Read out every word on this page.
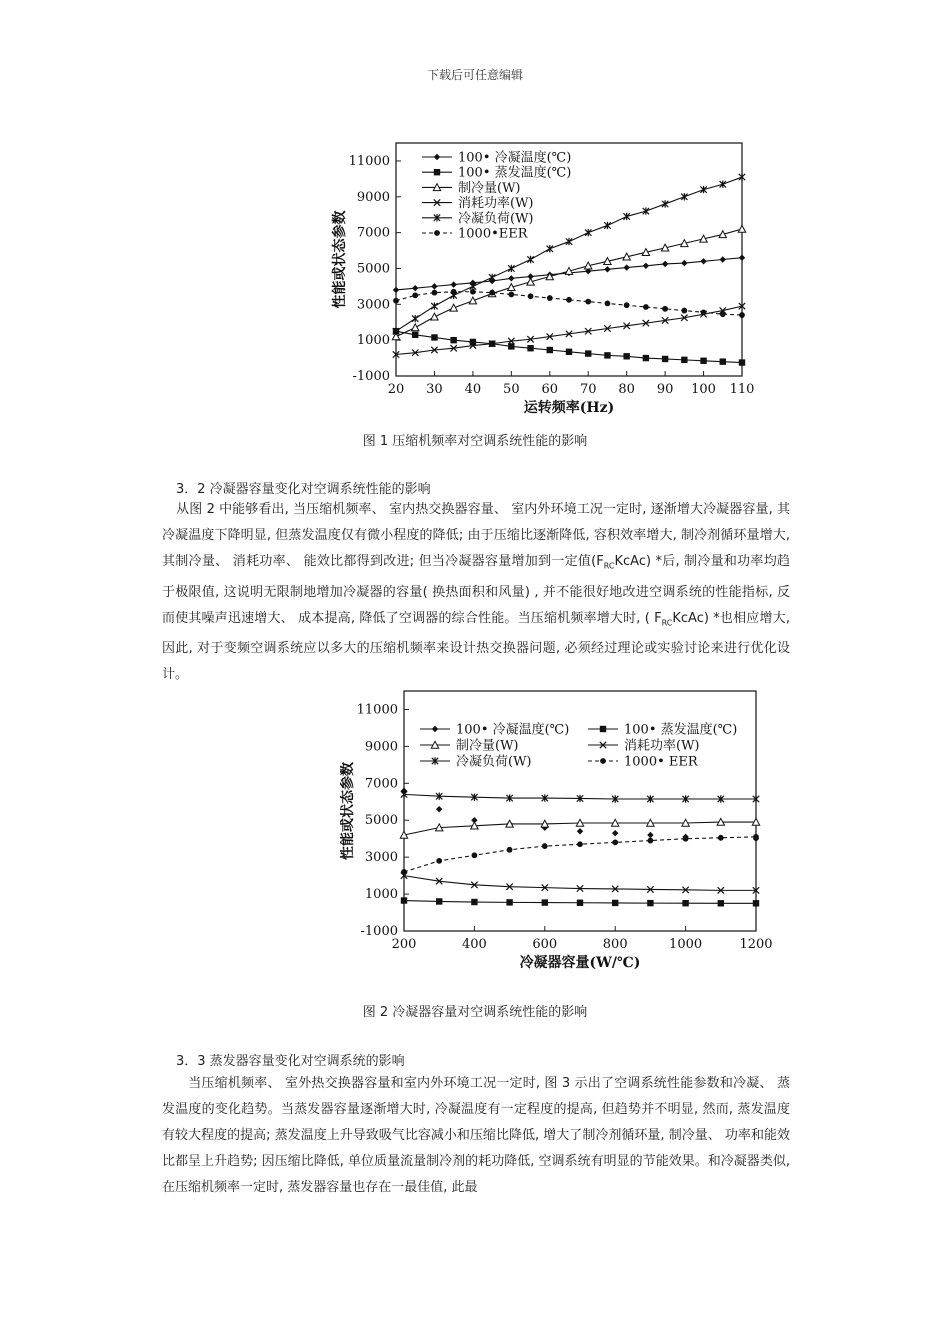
下载后可任意编辑
-1000
1000
3000
5000
7000
9000
11000
20 30 40 50 60 70 80 90 100 110
运转频率(Hz)
性能或状态参数
100• 冷凝温度(℃)
100• 蒸发温度(℃)
制冷量(W)
消耗功率(W)
冷凝负荷(W)
1000•EER
图 1 压缩机频率对空调系统性能的影响
3．2 冷凝器容量变化对空调系统性能的影响

从图 2 中能够看出, 当压缩机频率、 室内热交换器容量、 室内外环境工况一定时, 逐渐增大冷凝器容量, 其冷凝温度下降明显, 但蒸发温度仅有微小程度的降低; 由于压缩比逐渐降低, 容积效率增大, 制冷剂循环量增大, 其制冷量、 消耗功率、 能效比都得到改进; 但当冷凝器容量增加到一定值$(F_{RC}KcAc)$ *后, 制冷量和功率均趋于极限值, 这说明无限制地增加冷凝器的容量( 换热面积和风量) , 并不能很好地改进空调系统的性能指标, 反而使其噪声迅速增大、 成本提高, 降低了空调器的综合性能。当压缩机频率增大时, ( $F_{RC}KcAc$) *也相应增大, 因此, 对于变频空调系统应以多大的压缩机频率来设计热交换器问题, 必须经过理论或实验讨论来进行优化设计。

-1000
1000
3000
5000
7000
9000
11000
200	400	600	800	1000	1200
冷凝器容量(W/℃)
性能或状态参数
100• 冷凝温度(℃)	100• 蒸发温度(℃)
制冷量(W)	消耗功率(W)
冷凝负荷(W)	1000• EER
图 2 冷凝器容量对空调系统性能的影响
3．3 蒸发器容量变化对空调系统的影响

当压缩机频率、 室外热交换器容量和室内外环境工况一定时, 图 3 示出了空调系统性能参数和冷凝、 蒸发温度的变化趋势。当蒸发器容量逐渐增大时, 冷凝温度有一定程度的提高, 但趋势并不明显, 然而, 蒸发温度有较大程度的提高; 蒸发温度上升导致吸气比容减小和压缩比降低, 增大了制冷剂循环量, 制冷量、 功率和能效比都呈上升趋势; 因压缩比降低, 单位质量流量制冷剂的耗功降低, 空调系统有明显的节能效果。和冷凝器类似, 在压缩机频率一定时, 蒸发器容量也存在一最佳值, 此最
